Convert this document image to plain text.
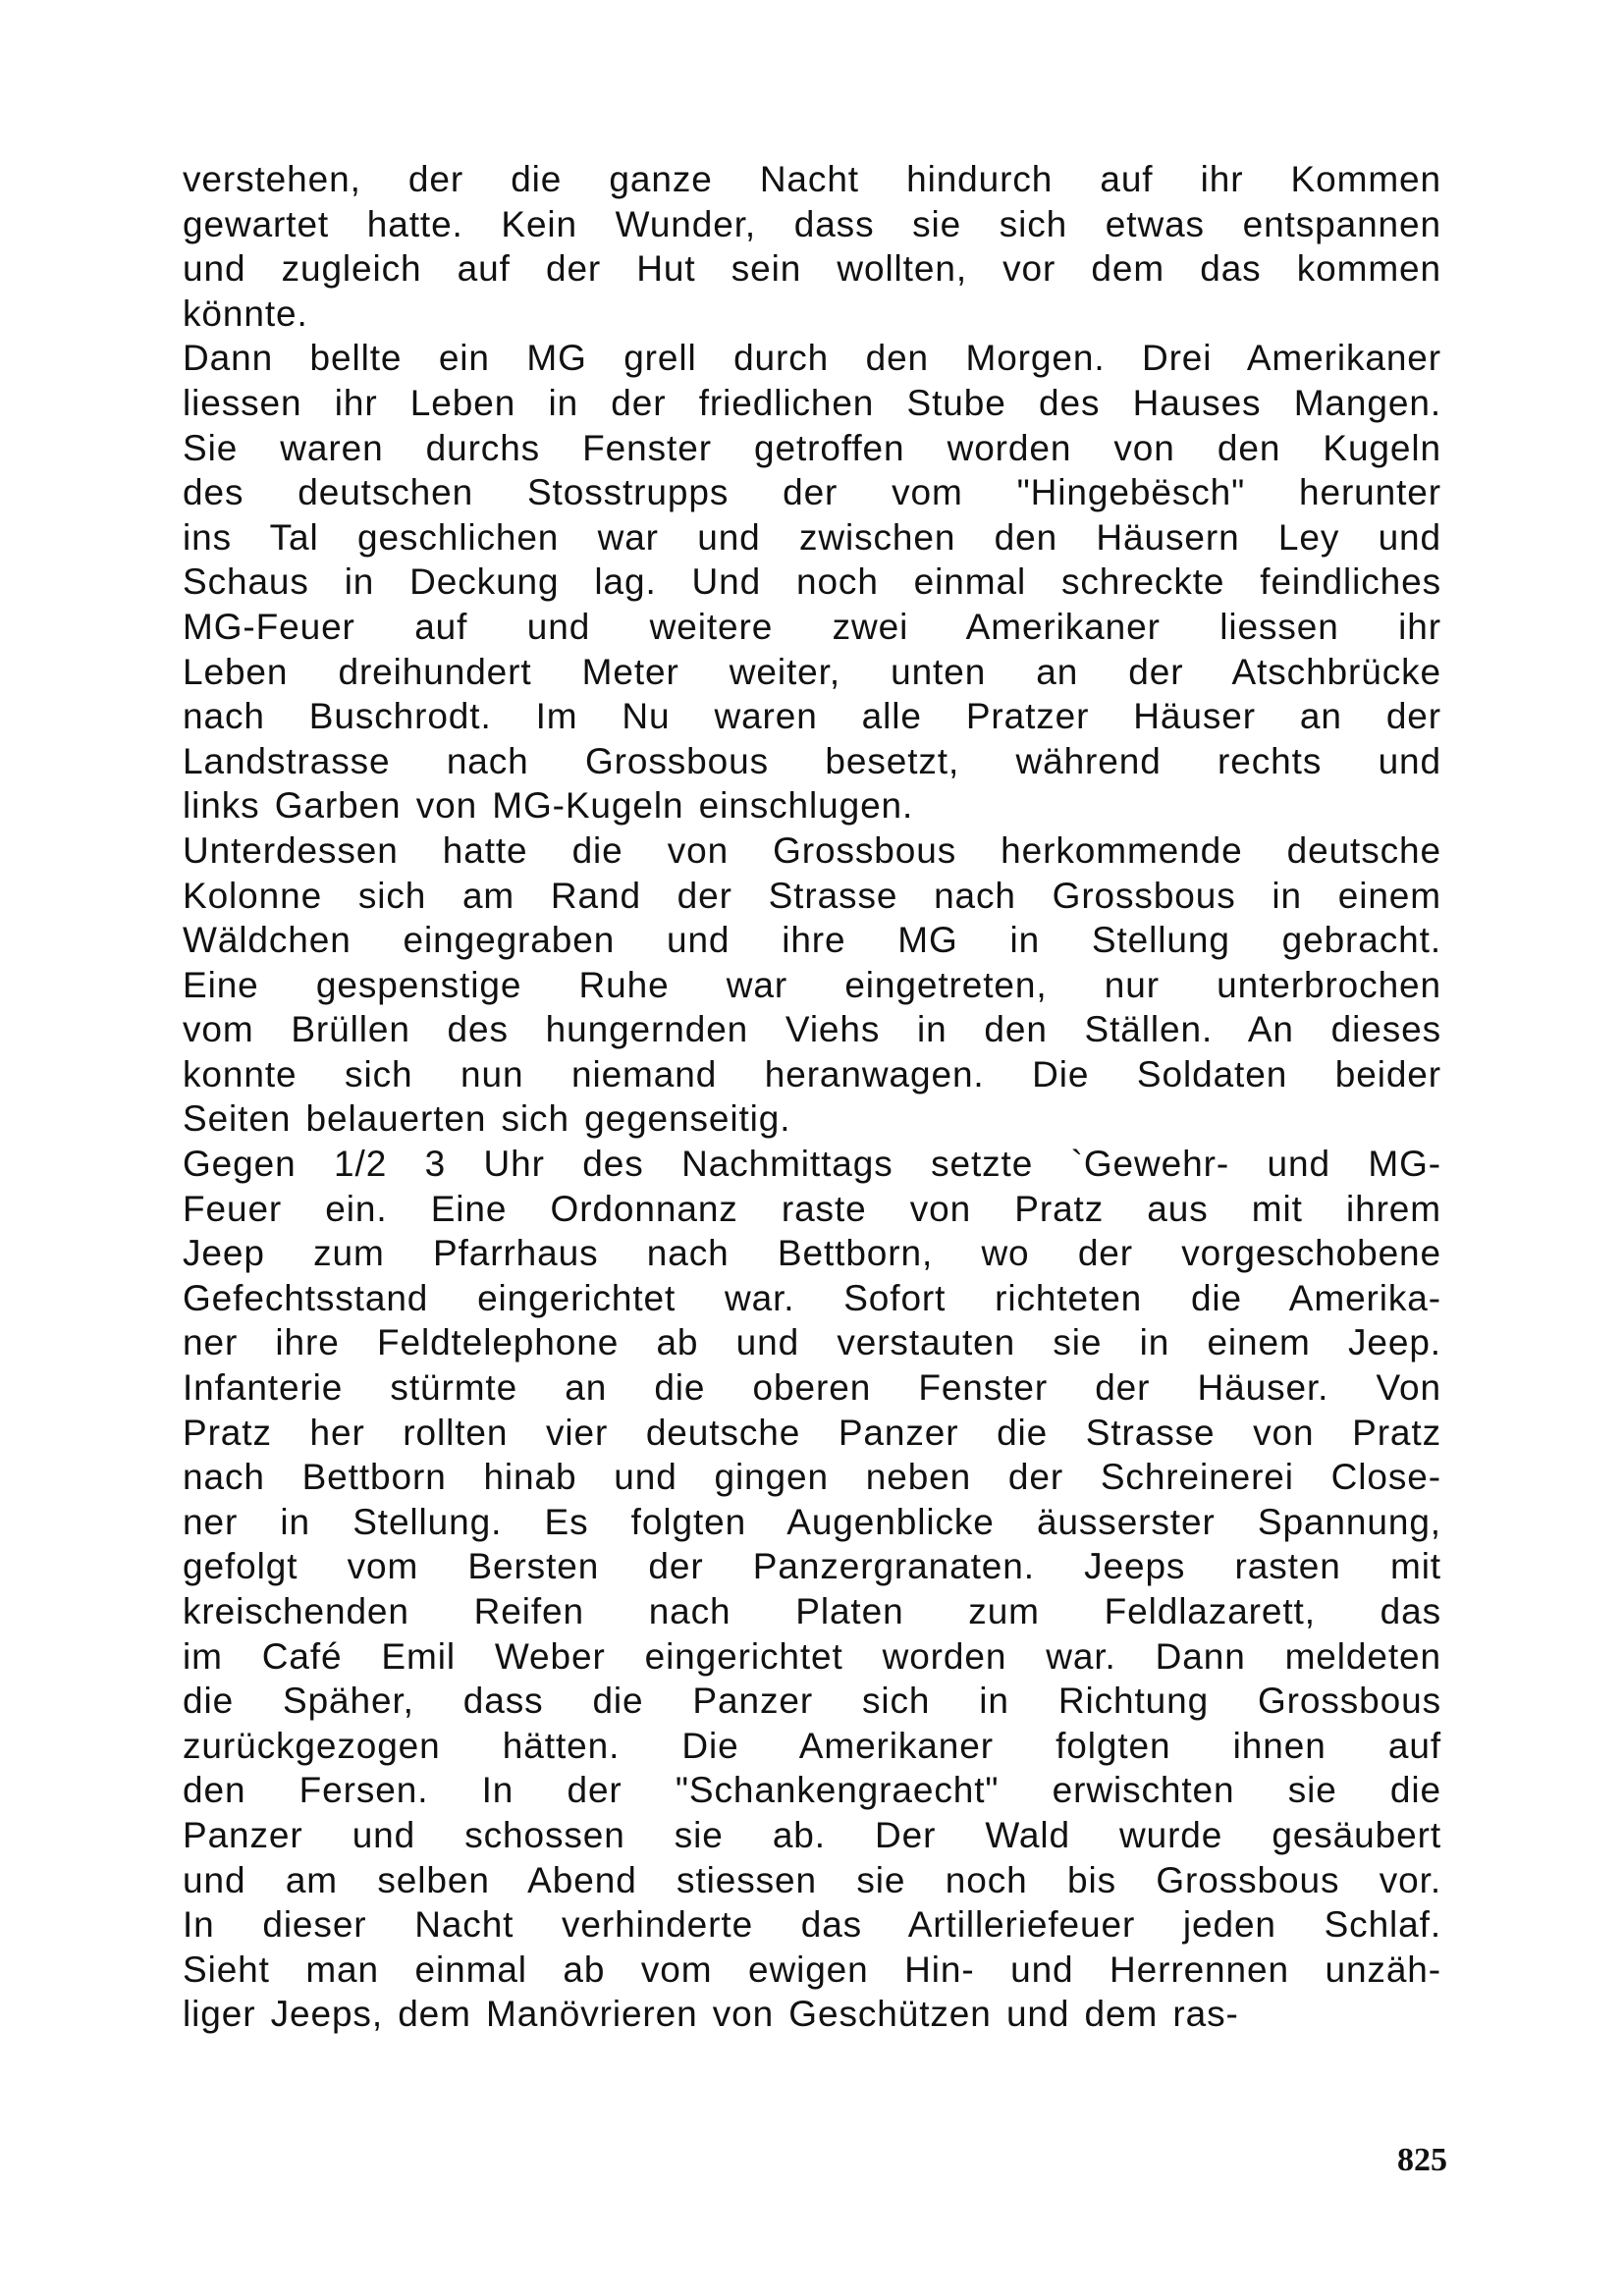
verstehen, der die ganze Nacht hindurch auf ihr Kommen
gewartet hatte. Kein Wunder, dass sie sich etwas entspannen
und zugleich auf der Hut sein wollten, vor dem das kommen
könnte.
Dann bellte ein MG grell durch den Morgen. Drei Amerikaner
liessen ihr Leben in der friedlichen Stube des Hauses Mangen.
Sie waren durchs Fenster getroffen worden von den Kugeln
des deutschen Stosstrupps der vom "Hingebësch" herunter
ins Tal geschlichen war und zwischen den Häusern Ley und
Schaus in Deckung lag. Und noch einmal schreckte feindliches
MG-Feuer auf und weitere zwei Amerikaner liessen ihr
Leben dreihundert Meter weiter, unten an der Atschbrücke
nach Buschrodt. Im Nu waren alle Pratzer Häuser an der
Landstrasse nach Grossbous besetzt, während rechts und
links Garben von MG-Kugeln einschlugen.
Unterdessen hatte die von Grossbous herkommende deutsche
Kolonne sich am Rand der Strasse nach Grossbous in einem
Wäldchen eingegraben und ihre MG in Stellung gebracht.
Eine gespenstige Ruhe war eingetreten, nur unterbrochen
vom Brüllen des hungernden Viehs in den Ställen. An dieses
konnte sich nun niemand heranwagen. Die Soldaten beider
Seiten belauerten sich gegenseitig.
Gegen 1/2 3 Uhr des Nachmittags setzte `Gewehr- und MG-
Feuer ein. Eine Ordonnanz raste von Pratz aus mit ihrem
Jeep zum Pfarrhaus nach Bettborn, wo der vorgeschobene
Gefechtsstand eingerichtet war. Sofort richteten die Amerika-
ner ihre Feldtelephone ab und verstauten sie in einem Jeep.
Infanterie stürmte an die oberen Fenster der Häuser. Von
Pratz her rollten vier deutsche Panzer die Strasse von Pratz
nach Bettborn hinab und gingen neben der Schreinerei Close-
ner in Stellung. Es folgten Augenblicke äusserster Spannung,
gefolgt vom Bersten der Panzergranaten. Jeeps rasten mit
kreischenden Reifen nach Platen zum Feldlazarett, das
im Café Emil Weber eingerichtet worden war. Dann meldeten
die Späher, dass die Panzer sich in Richtung Grossbous
zurückgezogen hätten. Die Amerikaner folgten ihnen auf
den Fersen. In der "Schankengraecht" erwischten sie die
Panzer und schossen sie ab. Der Wald wurde gesäubert
und am selben Abend stiessen sie noch bis Grossbous vor.
In dieser Nacht verhinderte das Artilleriefeuer jeden Schlaf.
Sieht man einmal ab vom ewigen Hin- und Herrennen unzäh-
liger Jeeps, dem Manövrieren von Geschützen und dem ras-
825
